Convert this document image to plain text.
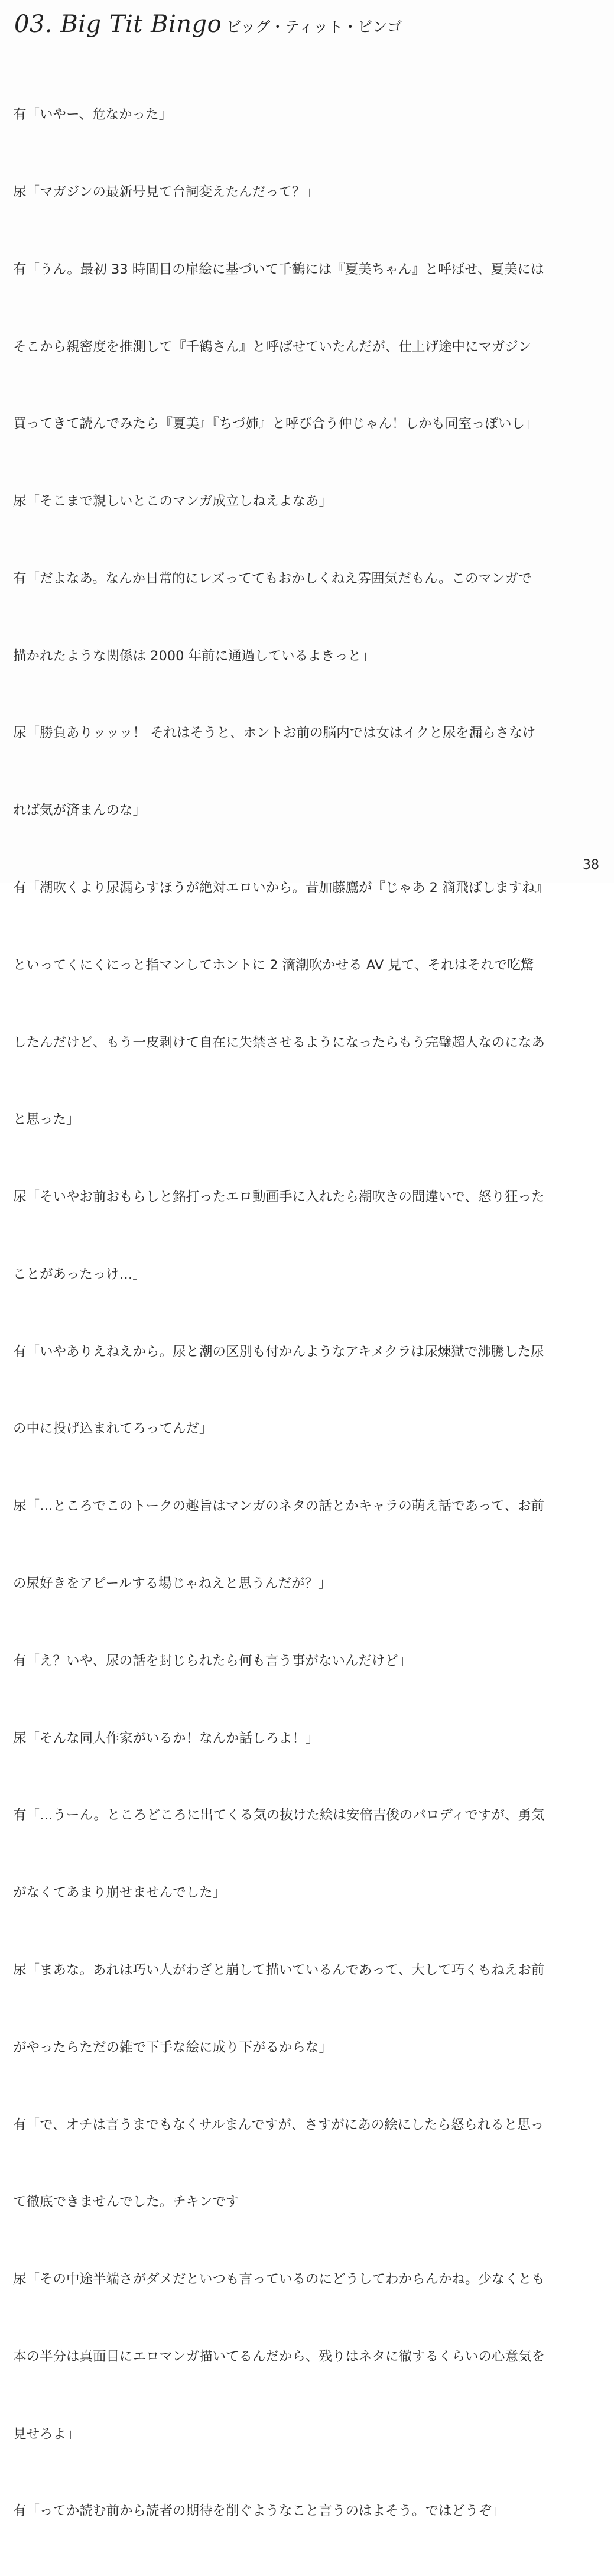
03. Big Tit Bingo ビッグ・ティット・ビンゴ

有「いやー、危なかった」

尿「マガジンの最新号見て台詞変えたんだって？」

有「うん。最初 33 時間目の扉絵に基づいて千鶴には『夏美ちゃん』と呼ばせ、夏美には

そこから親密度を推測して『千鶴さん』と呼ばせていたんだが、仕上げ途中にマガジン

買ってきて読んでみたら『夏美』『ちづ姉』と呼び合う仲じゃん！しかも同室っぽいし」

尿「そこまで親しいとこのマンガ成立しねえよなあ」

有「だよなあ。なんか日常的にレズっててもおかしくねえ雰囲気だもん。このマンガで

描かれたような関係は 2000 年前に通過しているよきっと」

尿「勝負ありッッッ！ それはそうと、ホントお前の脳内では女はイクと尿を漏らさなけ

れば気が済まんのな」

有「潮吹くより尿漏らすほうが絶対エロいから。昔加藤鷹が『じゃあ 2 滴飛ばしますね』

といってくにくにっと指マンしてホントに 2 滴潮吹かせる AV 見て、それはそれで吃驚

したんだけど、もう一皮剥けて自在に失禁させるようになったらもう完璧超人なのになあ

と思った」

尿「そいやお前おもらしと銘打ったエロ動画手に入れたら潮吹きの間違いで、怒り狂った

ことがあったっけ…」

有「いやありえねえから。尿と潮の区別も付かんようなアキメクラは尿煉獄で沸騰した尿

の中に投げ込まれてろってんだ」

尿「…ところでこのトークの趣旨はマンガのネタの話とかキャラの萌え話であって、お前

の尿好きをアピールする場じゃねえと思うんだが？」

有「え？いや、尿の話を封じられたら何も言う事がないんだけど」

尿「そんな同人作家がいるか！なんか話しろよ！」

有「…うーん。ところどころに出てくる気の抜けた絵は安倍吉俊のパロディですが、勇気

がなくてあまり崩せませんでした」

尿「まあな。あれは巧い人がわざと崩して描いているんであって、大して巧くもねえお前

がやったらただの雑で下手な絵に成り下がるからな」

有「で、オチは言うまでもなくサルまんですが、さすがにあの絵にしたら怒られると思っ

て徹底できませんでした。チキンです」

尿「その中途半端さがダメだといつも言っているのにどうしてわからんかね。少なくとも

本の半分は真面目にエロマンガ描いてるんだから、残りはネタに徹するくらいの心意気を

見せろよ」

有「ってか読む前から読者の期待を削ぐようなこと言うのはよそう。ではどうぞ」

38
